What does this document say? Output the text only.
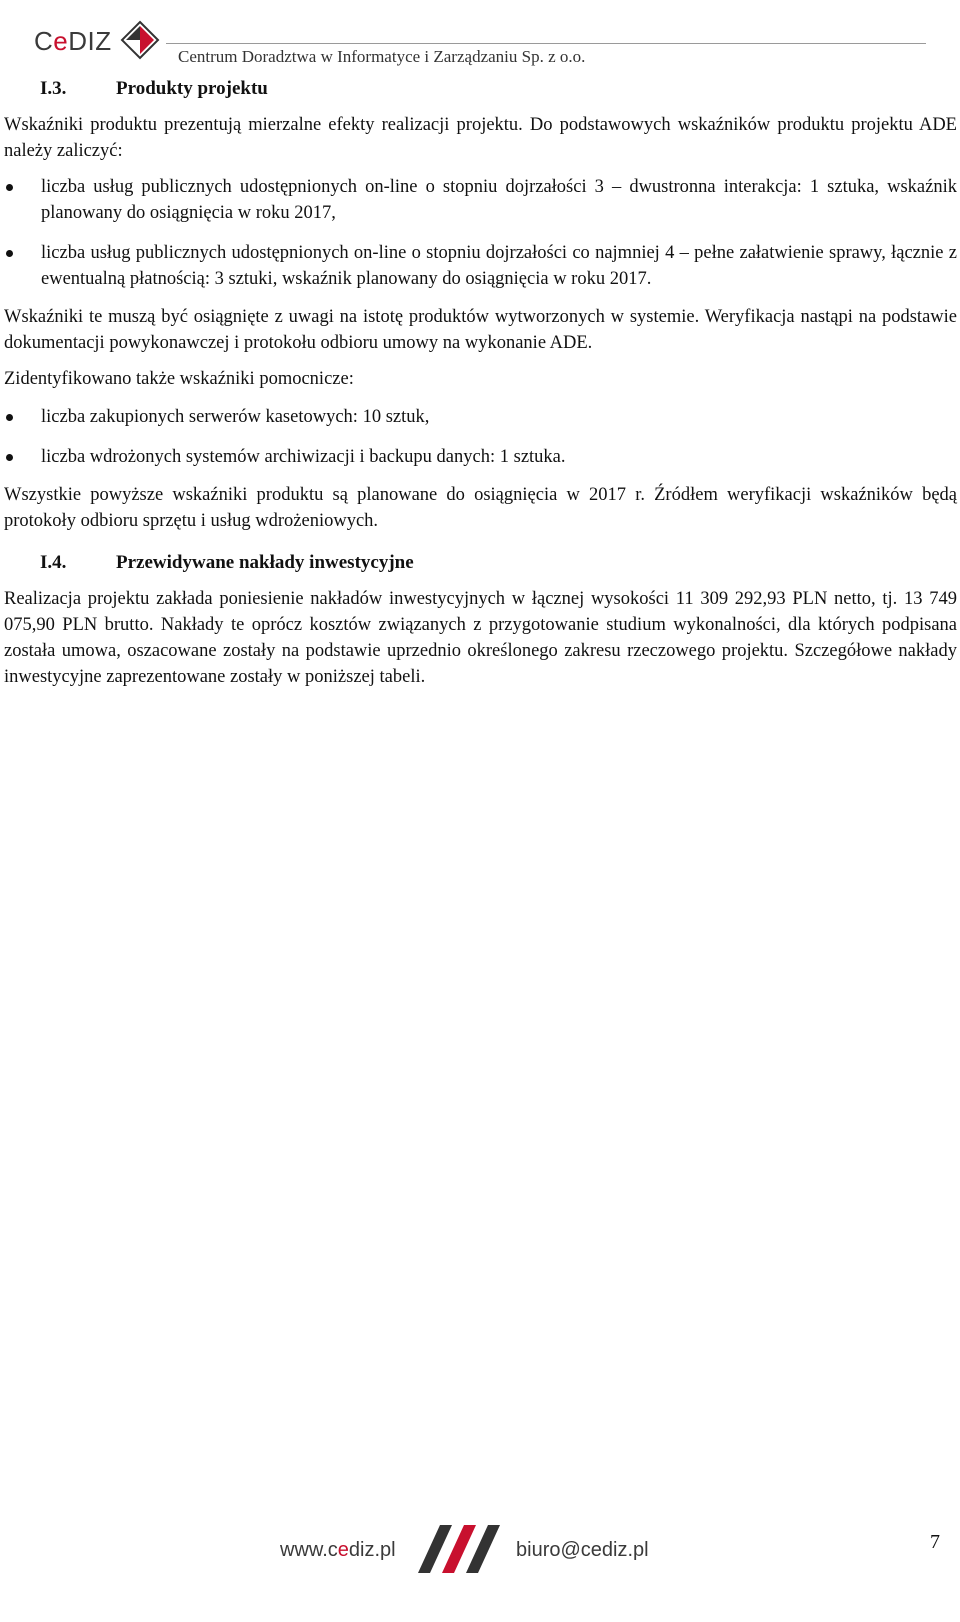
CeDIZ
Centrum Doradztwa w Informatyce i Zarządzaniu Sp. z o.o.
I.3.	Produkty projektu

Wskaźniki produktu prezentują mierzalne efekty realizacji projektu. Do podstawowych wskaźników produktu projektu ADE należy zaliczyć:

liczba usług publicznych udostępnionych on-line o stopniu dojrzałości 3 – dwustronna interakcja: 1 sztuka, wskaźnik planowany do osiągnięcia w roku 2017,
liczba usług publicznych udostępnionych on-line o stopniu dojrzałości co najmniej 4 – pełne załatwienie sprawy, łącznie z ewentualną płatnością: 3 sztuki, wskaźnik planowany do osiągnięcia w roku 2017.

Wskaźniki te muszą być osiągnięte z uwagi na istotę produktów wytworzonych w systemie. Weryfikacja nastąpi na podstawie dokumentacji powykonawczej i protokołu odbioru umowy na wykonanie ADE.

Zidentyfikowano także wskaźniki pomocnicze:

liczba zakupionych serwerów kasetowych: 10 sztuk,
liczba wdrożonych systemów archiwizacji i backupu danych: 1 sztuka.

Wszystkie powyższe wskaźniki produktu są planowane do osiągnięcia w 2017 r. Źródłem weryfikacji wskaźników będą protokoły odbioru sprzętu i usług wdrożeniowych.

I.4.	Przewidywane nakłady inwestycyjne

Realizacja projektu zakłada poniesienie nakładów inwestycyjnych w łącznej wysokości 11 309 292,93 PLN netto, tj. 13 749 075,90 PLN brutto. Nakłady te oprócz kosztów związanych z przygotowanie studium wykonalności, dla których podpisana została umowa, oszacowane zostały na podstawie uprzednio określonego zakresu rzeczowego projektu. Szczegółowe nakłady inwestycyjne zaprezentowane zostały w poniższej tabeli.

www.cediz.pl	biuro@cediz.pl	7
